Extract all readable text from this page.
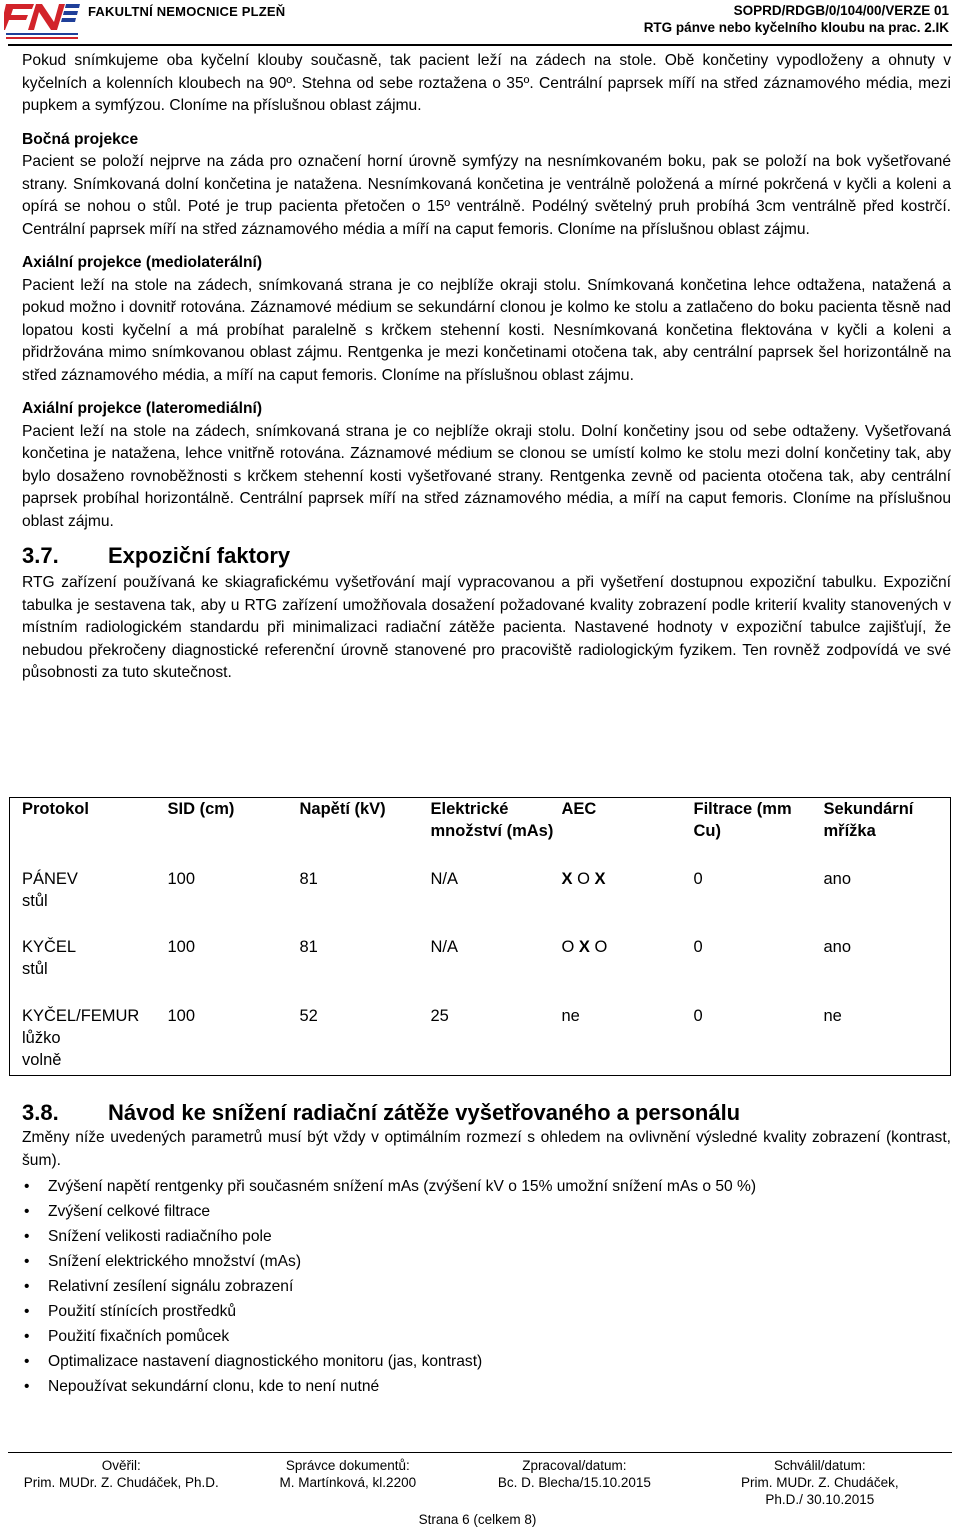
FAKULTNÍ NEMOCNICE PLZEŇ	SOPRD/RDGB/0/104/00/VERZE 01
RTG pánve nebo kyčelního kloubu na prac. 2.IK

Pokud snímkujeme oba kyčelní klouby současně, tak pacient leží na zádech na stole. Obě končetiny vypodloženy a ohnuty v kyčelních a kolenních kloubech na 90º. Stehna od sebe roztažena o 35º. Centrální paprsek míří na střed záznamového média, mezi pupkem a symfýzou. Cloníme na příslušnou oblast zájmu.

Bočná projekce

Pacient se položí nejprve na záda pro označení horní úrovně symfýzy na nesnímkovaném boku, pak se položí na bok vyšetřované strany. Snímkovaná dolní končetina je natažena. Nesnímkovaná končetina je ventrálně položená a mírné pokrčená v kyčli a koleni a opírá se nohou o stůl. Poté je trup pacienta přetočen o 15º ventrálně. Podélný světelný pruh probíhá 3cm ventrálně před kostrčí. Centrální paprsek míří na střed záznamového média a míří na caput femoris. Cloníme na příslušnou oblast zájmu.

Axiální projekce (mediolaterální)

Pacient leží na stole na zádech, snímkovaná strana je co nejblíže okraji stolu. Snímkovaná končetina lehce odtažena, natažená a pokud možno i dovnitř rotována. Záznamové médium se sekundární clonou je kolmo ke stolu a zatlačeno do boku pacienta těsně nad lopatou kosti kyčelní a má probíhat paralelně s krčkem stehenní kosti. Nesnímkovaná končetina flektována v kyčli a koleni a přidržována mimo snímkovanou oblast zájmu. Rentgenka je mezi končetinami otočena tak, aby centrální paprsek šel horizontálně na střed záznamového média, a míří na caput femoris. Cloníme na příslušnou oblast zájmu.

Axiální projekce (lateromediální)

Pacient leží na stole na zádech, snímkovaná strana je co nejblíže okraji stolu. Dolní končetiny jsou od sebe odtaženy. Vyšetřovaná končetina je natažena, lehce vnitřně rotována. Záznamové médium se clonou se umístí kolmo ke stolu mezi dolní končetiny tak, aby bylo dosaženo rovnoběžnosti s krčkem stehenní kosti vyšetřované strany. Rentgenka zevně od pacienta otočena tak, aby centrální paprsek probíhal horizontálně. Centrální paprsek míří na střed záznamového média, a míří na caput femoris. Cloníme na příslušnou oblast zájmu.

3.7. Expoziční faktory

RTG zařízení používaná ke skiagrafickému vyšetřování mají vypracovanou a při vyšetření dostupnou expoziční tabulku. Expoziční tabulka je sestavena tak, aby u RTG zařízení umožňovala dosažení požadované kvality zobrazení podle kriterií kvality stanovených v místním radiologickém standardu při minimalizaci radiační zátěže pacienta. Nastavené hodnoty v expoziční tabulce zajišťují, že nebudou překročeny diagnostické referenční úrovně stanovené pro pracoviště radiologickým fyzikem. Ten rovněž zodpovídá ve své působnosti za tuto skutečnost.

Protokol	SID (cm)	Napětí (kV)	Elektrické množství (mAs)	AEC	Filtrace (mm Cu)	Sekundární mřížka

PÁNEV
stůl	100	81	N/A	X O X	0	ano

KYČEL
stůl	100	81	N/A	O X O	0	ano

KYČEL/FEMUR
lůžko
volně	100	52	25	ne	0	ne
3.8. Návod ke snížení radiační zátěže vyšetřovaného a personálu

Změny níže uvedených parametrů musí být vždy v optimálním rozmezí s ohledem na ovlivnění výsledné kvality zobrazení (kontrast, šum).

• Zvýšení napětí rentgenky při současném snížení mAs (zvýšení kV o 15% umožní snížení mAs o 50 %)
• Zvýšení celkové filtrace
• Snížení velikosti radiačního pole
• Snížení elektrického množství (mAs)
• Relativní zesílení signálu zobrazení
• Použití stínících prostředků
• Použití fixačních pomůcek
• Optimalizace nastavení diagnostického monitoru (jas, kontrast)
• Nepoužívat sekundární clonu, kde to není nutné
Ověřil:
Prim. MUDr. Z. Chudáček, Ph.D.

Správce dokumentů:
M. Martínková, kl.2200

Zpracoval/datum:
Bc. D. Blecha/15.10.2015

Schválil/datum:
Prim. MUDr. Z. Chudáček, Ph.D./ 30.10.2015
Strana 6 (celkem 8)
